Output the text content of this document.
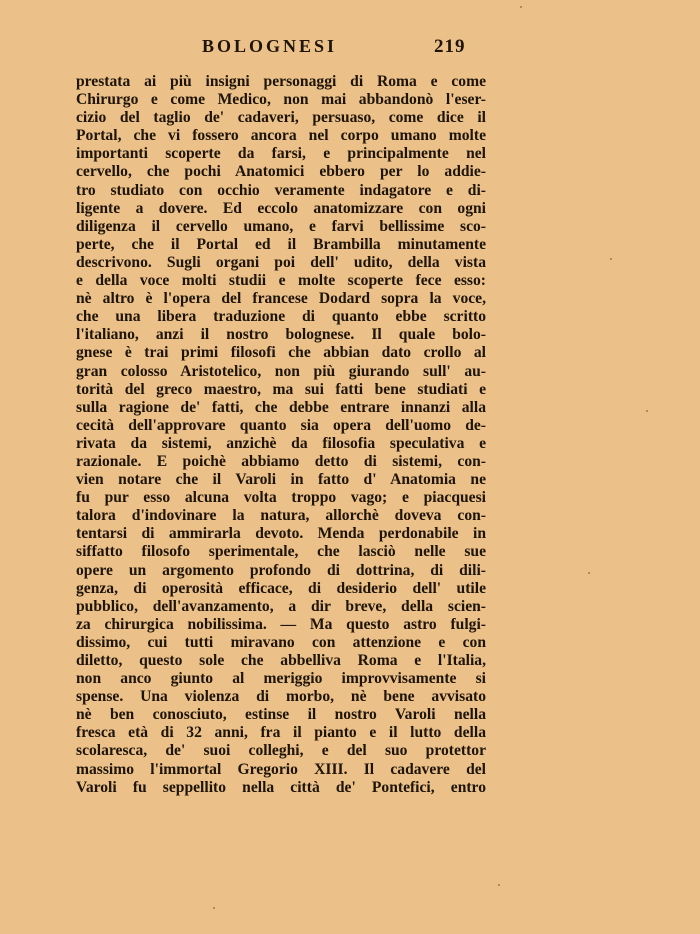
BOLOGNESI	219
prestata ai più insigni personaggi di Roma e come
Chirurgo e come Medico, non mai abbandonò l'eser-
cizio del taglio de' cadaveri, persuaso, come dice il
Portal, che vi fossero ancora nel corpo umano molte
importanti scoperte da farsi, e principalmente nel
cervello, che pochi Anatomici ebbero per lo addie-
tro studiato con occhio veramente indagatore e di-
ligente a dovere. Ed eccolo anatomizzare con ogni
diligenza il cervello umano, e farvi bellissime sco-
perte, che il Portal ed il Brambilla minutamente
descrivono. Sugli organi poi dell' udito, della vista
e della voce molti studii e molte scoperte fece esso:
nè altro è l'opera del francese Dodard sopra la voce,
che una libera traduzione di quanto ebbe scritto
l'italiano, anzi il nostro bolognese. Il quale bolo-
gnese è trai primi filosofi che abbian dato crollo al
gran colosso Aristotelico, non più giurando sull' au-
torità del greco maestro, ma sui fatti bene studiati e
sulla ragione de' fatti, che debbe entrare innanzi alla
cecità dell'approvare quanto sia opera dell'uomo de-
rivata da sistemi, anzichè da filosofia speculativa e
razionale. E poichè abbiamo detto di sistemi, con-
vien notare che il Varoli in fatto d' Anatomia ne
fu pur esso alcuna volta troppo vago; e piacquesi
talora d'indovinare la natura, allorchè doveva con-
tentarsi di ammirarla devoto. Menda perdonabile in
siffatto filosofo sperimentale, che lasciò nelle sue
opere un argomento profondo di dottrina, di dili-
genza, di operosità efficace, di desiderio dell' utile
pubblico, dell'avanzamento, a dir breve, della scien-
za chirurgica nobilissima. — Ma questo astro fulgi-
dissimo, cui tutti miravano con attenzione e con
diletto, questo sole che abbelliva Roma e l'Italia,
non anco giunto al meriggio improvvisamente si
spense. Una violenza di morbo, nè bene avvisato
nè ben conosciuto, estinse il nostro Varoli nella
fresca età di 32 anni, fra il pianto e il lutto della
scolaresca, de' suoi colleghi, e del suo protettor
massimo l'immortal Gregorio XIII. Il cadavere del
Varoli fu seppellito nella città de' Pontefici, entro
